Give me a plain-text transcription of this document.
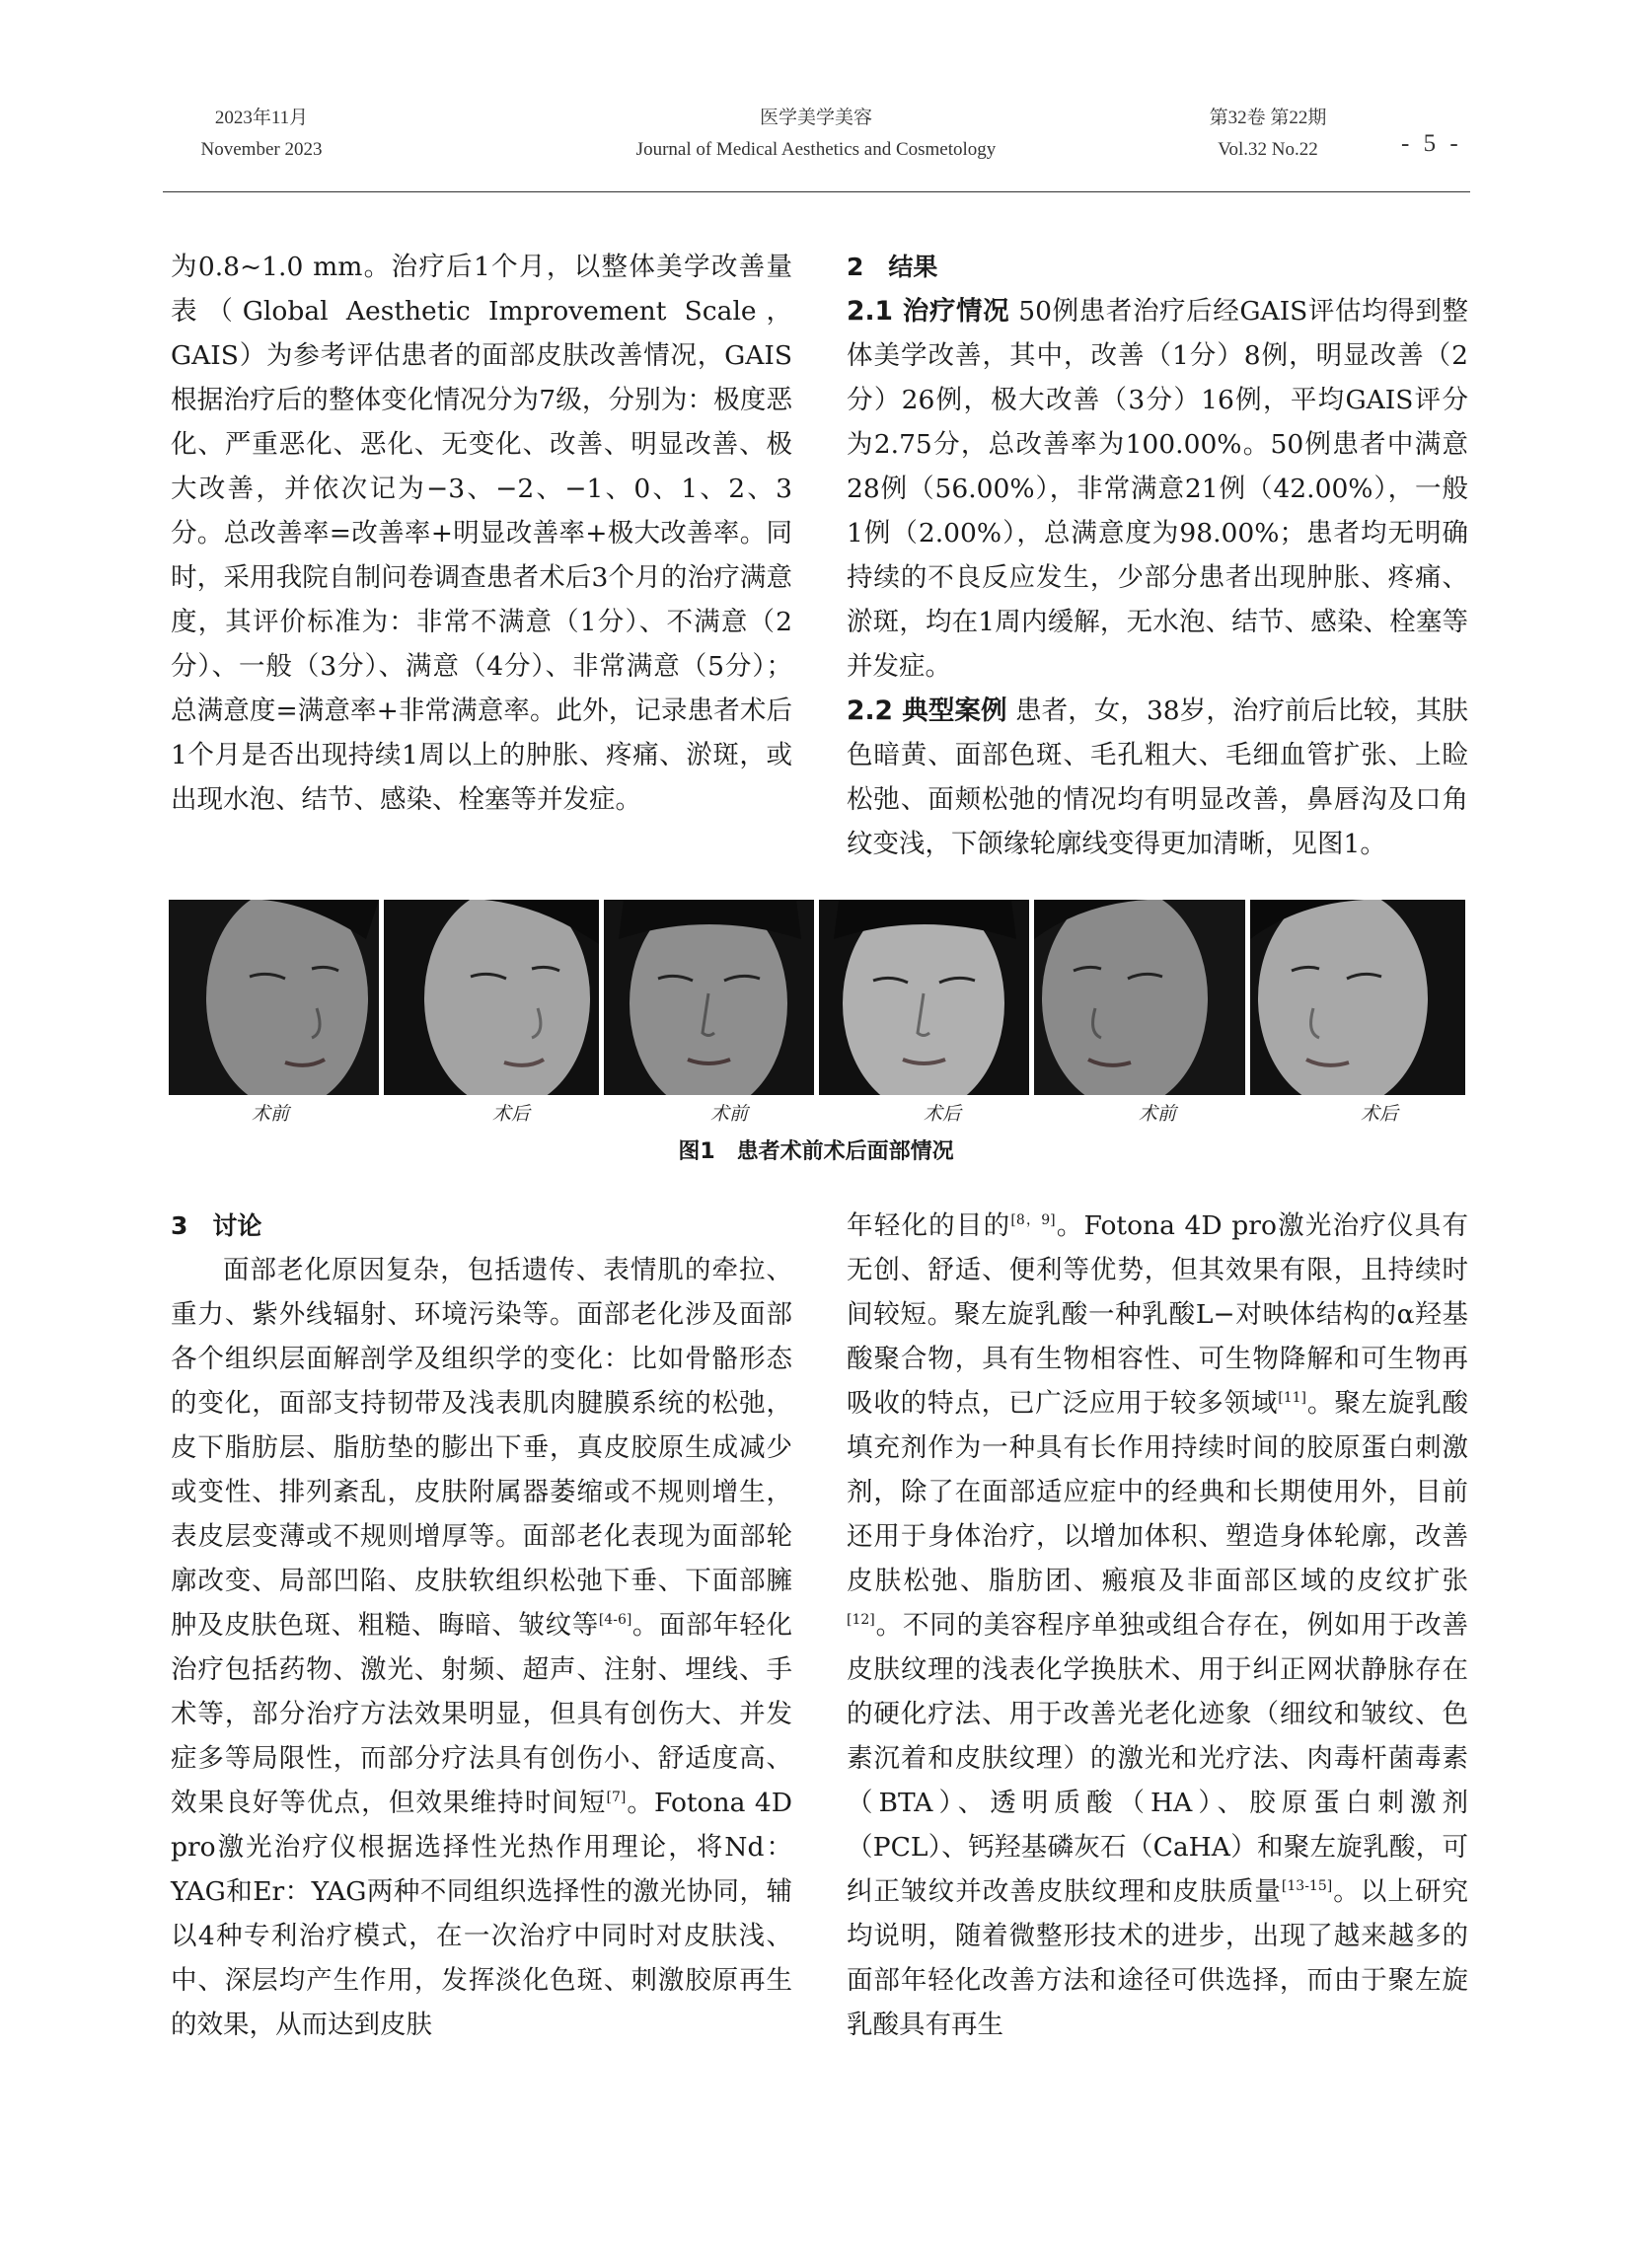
2023年11月
November 2023
医学美学美容
Journal of Medical Aesthetics and Cosmetology
第32卷 第22期
Vol.32 No.22	- 5 -

为0.8~1.0 mm。治疗后1个月，以整体美学改善量表（Global Aesthetic Improvement Scale，GAIS）为参考评估患者的面部皮肤改善情况，GAIS根据治疗后的整体变化情况分为7级，分别为：极度恶化、严重恶化、恶化、无变化、改善、明显改善、极大改善，并依次记为−3、−2、−1、0、1、2、3分。总改善率=改善率+明显改善率+极大改善率。同时，采用我院自制问卷调查患者术后3个月的治疗满意度，其评价标准为：非常不满意（1分）、不满意（2分）、一般（3分）、满意（4分）、非常满意（5分）；总满意度=满意率+非常满意率。此外，记录患者术后1个月是否出现持续1周以上的肿胀、疼痛、淤斑，或出现水泡、结节、感染、栓塞等并发症。

2　结果

2.1 治疗情况 50例患者治疗后经GAIS评估均得到整体美学改善，其中，改善（1分）8例，明显改善（2分）26例，极大改善（3分）16例，平均GAIS评分为2.75分，总改善率为100.00%。50例患者中满意28例（56.00%），非常满意21例（42.00%），一般1例（2.00%），总满意度为98.00%；患者均无明确持续的不良反应发生，少部分患者出现肿胀、疼痛、淤斑，均在1周内缓解，无水泡、结节、感染、栓塞等并发症。

2.2 典型案例 患者，女，38岁，治疗前后比较，其肤色暗黄、面部色斑、毛孔粗大、毛细血管扩张、上睑松弛、面颊松弛的情况均有明显改善，鼻唇沟及口角纹变浅，下颌缘轮廓线变得更加清晰，见图1。

术前	术后	术前	术后	术前	术后
图1　患者术前术后面部情况

3　讨论

面部老化原因复杂，包括遗传、表情肌的牵拉、重力、紫外线辐射、环境污染等。面部老化涉及面部各个组织层面解剖学及组织学的变化：比如骨骼形态的变化，面部支持韧带及浅表肌肉腱膜系统的松弛，皮下脂肪层、脂肪垫的膨出下垂，真皮胶原生成减少或变性、排列紊乱，皮肤附属器萎缩或不规则增生，表皮层变薄或不规则增厚等。面部老化表现为面部轮廓改变、局部凹陷、皮肤软组织松弛下垂、下面部臃肿及皮肤色斑、粗糙、晦暗、皱纹等[4-6]。面部年轻化治疗包括药物、激光、射频、超声、注射、埋线、手术等，部分治疗方法效果明显，但具有创伤大、并发症多等局限性，而部分疗法具有创伤小、舒适度高、效果良好等优点，但效果维持时间短[7]。Fotona 4D pro激光治疗仪根据选择性光热作用理论，将Nd：YAG和Er：YAG两种不同组织选择性的激光协同，辅以4种专利治疗模式，在一次治疗中同时对皮肤浅、中、深层均产生作用，发挥淡化色斑、刺激胶原再生的效果，从而达到皮肤

年轻化的目的[8，9]。Fotona 4D pro激光治疗仪具有无创、舒适、便利等优势，但其效果有限，且持续时间较短。聚左旋乳酸一种乳酸L−对映体结构的α羟基酸聚合物，具有生物相容性、可生物降解和可生物再吸收的特点，已广泛应用于较多领域[11]。聚左旋乳酸填充剂作为一种具有长作用持续时间的胶原蛋白刺激剂，除了在面部适应症中的经典和长期使用外，目前还用于身体治疗，以增加体积、塑造身体轮廓，改善皮肤松弛、脂肪团、瘢痕及非面部区域的皮纹扩张[12]。不同的美容程序单独或组合存在，例如用于改善皮肤纹理的浅表化学换肤术、用于纠正网状静脉存在的硬化疗法、用于改善光老化迹象（细纹和皱纹、色素沉着和皮肤纹理）的激光和光疗法、肉毒杆菌毒素（BTA）、透明质酸（HA）、胶原蛋白刺激剂（PCL）、钙羟基磷灰石（CaHA）和聚左旋乳酸，可纠正皱纹并改善皮肤纹理和皮肤质量[13-15]。以上研究均说明，随着微整形技术的进步，出现了越来越多的面部年轻化改善方法和途径可供选择，而由于聚左旋乳酸具有再生
